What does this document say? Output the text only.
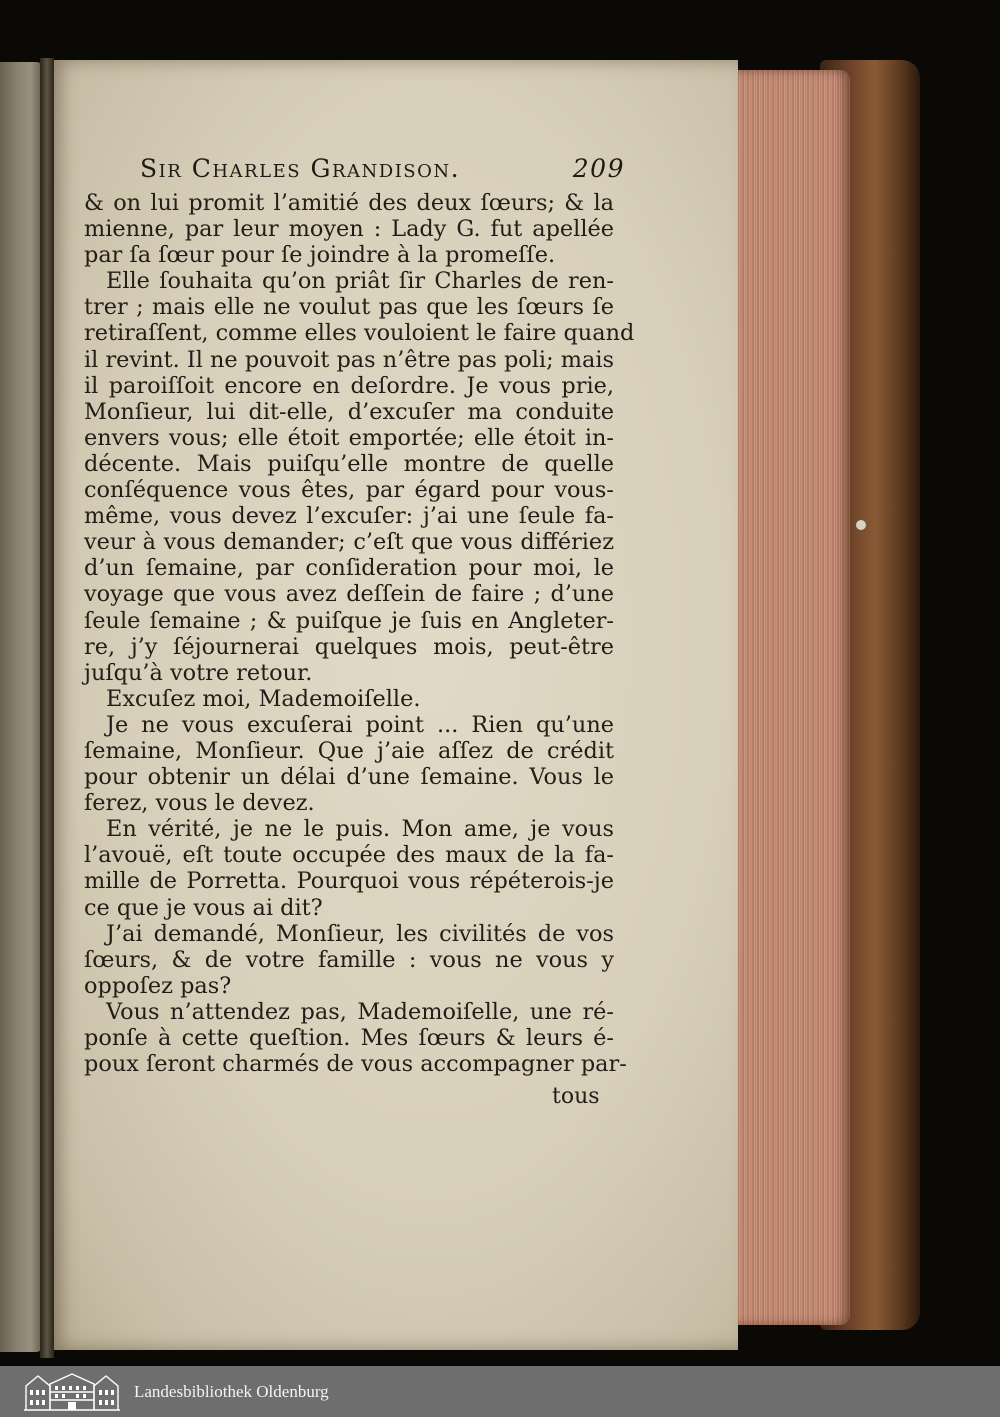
Sir Charles Grandison.	209
& on lui promit l’amitié des deux ſœurs; & la
mienne, par leur moyen : Lady G. fut apellée
par ſa ſœur pour ſe joindre à la promeſſe.
Elle ſouhaita qu’on priât ſir Charles de ren-
trer ; mais elle ne voulut pas que les ſœurs ſe
retiraſſent, comme elles vouloient le faire quand
il revint. Il ne pouvoit pas n’être pas poli; mais
il paroiſſoit encore en deſordre. Je vous prie,
Monſieur, lui dit-elle, d’excuſer ma conduite
envers vous; elle étoit emportée; elle étoit in-
décente. Mais puiſqu’elle montre de quelle
conſéquence vous êtes, par égard pour vous-
même, vous devez l’excuſer: j’ai une ſeule fa-
veur à vous demander; c’eſt que vous différiez
d’un ſemaine, par conſideration pour moi, le
voyage que vous avez deſſein de faire ; d’une
ſeule ſemaine ; & puiſque je ſuis en Angleter-
re, j’y ſéjournerai quelques mois, peut-être
juſqu’à votre retour.
Excuſez moi, Mademoiſelle.
Je ne vous excuſerai point ... Rien qu’une
ſemaine, Monſieur. Que j’aie aſſez de crédit
pour obtenir un délai d’une ſemaine. Vous le
ferez, vous le devez.
En vérité, je ne le puis. Mon ame, je vous
l’avouë, eſt toute occupée des maux de la fa-
mille de Porretta. Pourquoi vous répéterois-je
ce que je vous ai dit?
J’ai demandé, Monſieur, les civilités de vos
ſœurs, & de votre famille : vous ne vous y
oppoſez pas?
Vous n’attendez pas, Mademoiſelle, une ré-
ponſe à cette queſtion. Mes ſœurs & leurs é-
poux ſeront charmés de vous accompagner par-
tous
Landesbibliothek Oldenburg
